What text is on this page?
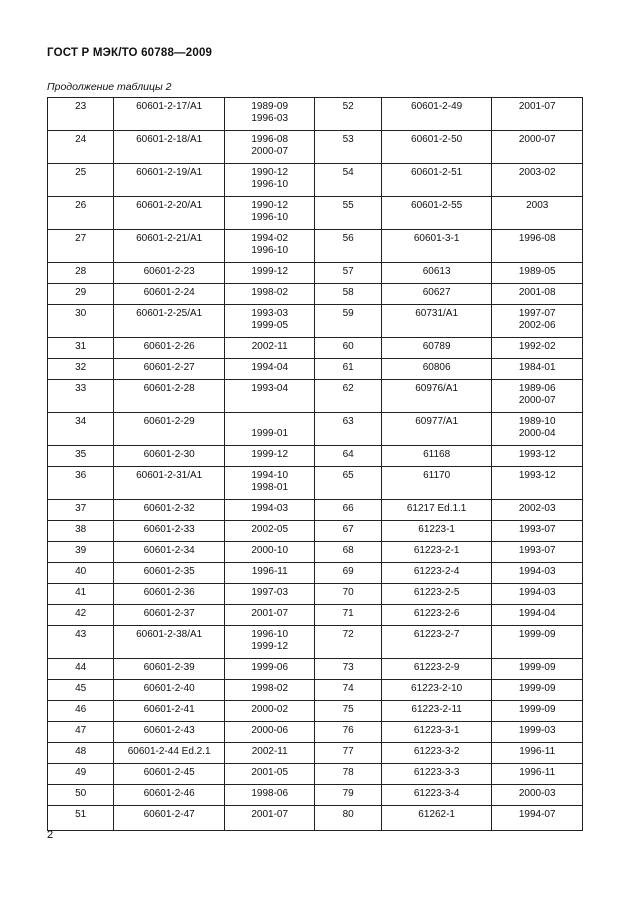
ГОСТ Р МЭК/ТО 60788—2009
Продолжение таблицы 2
23	60601-2-17/A1	1989-09
1996-03	52	60601-2-49	2001-07

24	60601-2-18/A1	1996-08
2000-07	53	60601-2-50	2000-07

25	60601-2-19/A1	1990-12
1996-10	54	60601-2-51	2003-02

26	60601-2-20/A1	1990-12
1996-10	55	60601-2-55	2003

27	60601-2-21/A1	1994-02
1996-10	56	60601-3-1	1996-08

28	60601-2-23	1999-12	57	60613	1989-05

29	60601-2-24	1998-02	58	60627	2001-08

30	60601-2-25/A1	1993-03
1999-05	59	60731/A1	1997-07
2002-06

31	60601-2-26	2002-11	60	60789	1992-02

32	60601-2-27	1994-04	61	60806	1984-01

33	60601-2-28	1993-04	62	60976/A1	1989-06
2000-07

34	60601-2-29	1999-01	63	60977/A1	1989-10
2000-04

35	60601-2-30	1999-12	64	61168	1993-12

36	60601-2-31/A1	1994-10
1998-01	65	61170	1993-12

37	60601-2-32	1994-03	66	61217 Ed.1.1	2002-03

38	60601-2-33	2002-05	67	61223-1	1993-07

39	60601-2-34	2000-10	68	61223-2-1	1993-07

40	60601-2-35	1996-11	69	61223-2-4	1994-03

41	60601-2-36	1997-03	70	61223-2-5	1994-03

42	60601-2-37	2001-07	71	61223-2-6	1994-04

43	60601-2-38/A1	1996-10
1999-12	72	61223-2-7	1999-09

44	60601-2-39	1999-06	73	61223-2-9	1999-09

45	60601-2-40	1998-02	74	61223-2-10	1999-09

46	60601-2-41	2000-02	75	61223-2-11	1999-09

47	60601-2-43	2000-06	76	61223-3-1	1999-03

48	60601-2-44 Ed.2.1	2002-11	77	61223-3-2	1996-11

49	60601-2-45	2001-05	78	61223-3-3	1996-11

50	60601-2-46	1998-06	79	61223-3-4	2000-03

51	60601-2-47	2001-07	80	61262-1	1994-07
2
